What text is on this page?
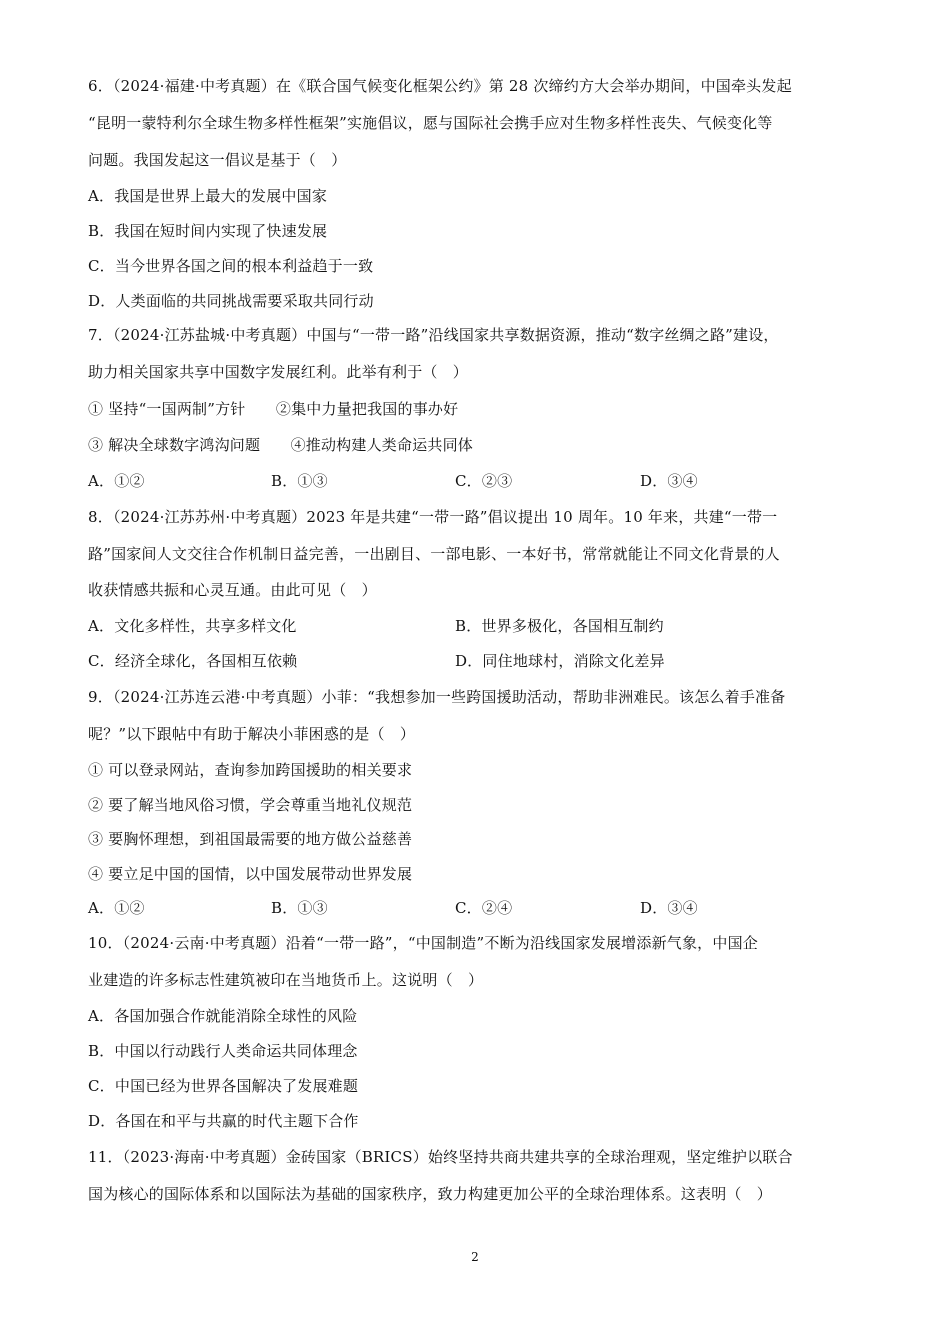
6．（2024·福建·中考真题）在《联合国气候变化框架公约》第 28 次缔约方大会举办期间，中国牵头发起
“昆明一蒙特利尔全球生物多样性框架”实施倡议，愿与国际社会携手应对生物多样性丧失、气候变化等
问题。我国发起这一倡议是基于（　）
A．我国是世界上最大的发展中国家
B．我国在短时间内实现了快速发展
C．当今世界各国之间的根本利益趋于一致
D．人类面临的共同挑战需要采取共同行动
7．（2024·江苏盐城·中考真题）中国与“一带一路”沿线国家共享数据资源，推动“数字丝绸之路”建设，
助力相关国家共享中国数字发展红利。此举有利于（　）
① 坚持“一国两制”方针　　②集中力量把我国的事办好
③ 解决全球数字鸿沟问题　　④推动构建人类命运共同体
A．①②	B．①③	C．②③	D．③④
8．（2024·江苏苏州·中考真题）2023 年是共建“一带一路”倡议提出 10 周年。10 年来，共建“一带一
路”国家间人文交往合作机制日益完善，一出剧目、一部电影、一本好书，常常就能让不同文化背景的人
收获情感共振和心灵互通。由此可见（　）
A．文化多样性，共享多样文化	B．世界多极化，各国相互制约
C．经济全球化，各国相互依赖	D．同住地球村，消除文化差异
9．（2024·江苏连云港·中考真题）小菲：“我想参加一些跨国援助活动，帮助非洲难民。该怎么着手准备
呢？”以下跟帖中有助于解决小菲困惑的是（　）
① 可以登录网站，查询参加跨国援助的相关要求
② 要了解当地风俗习惯，学会尊重当地礼仪规范
③ 要胸怀理想，到祖国最需要的地方做公益慈善
④ 要立足中国的国情，以中国发展带动世界发展
A．①②	B．①③	C．②④	D．③④
10．（2024·云南·中考真题）沿着“一带一路”，“中国制造”不断为沿线国家发展增添新气象，中国企
业建造的许多标志性建筑被印在当地货币上。这说明（　）
A．各国加强合作就能消除全球性的风险
B．中国以行动践行人类命运共同体理念
C．中国已经为世界各国解决了发展难题
D．各国在和平与共赢的时代主题下合作
11．（2023·海南·中考真题）金砖国家（BRICS）始终坚持共商共建共享的全球治理观，坚定维护以联合
国为核心的国际体系和以国际法为基础的国家秩序，致力构建更加公平的全球治理体系。这表明（　）
2
